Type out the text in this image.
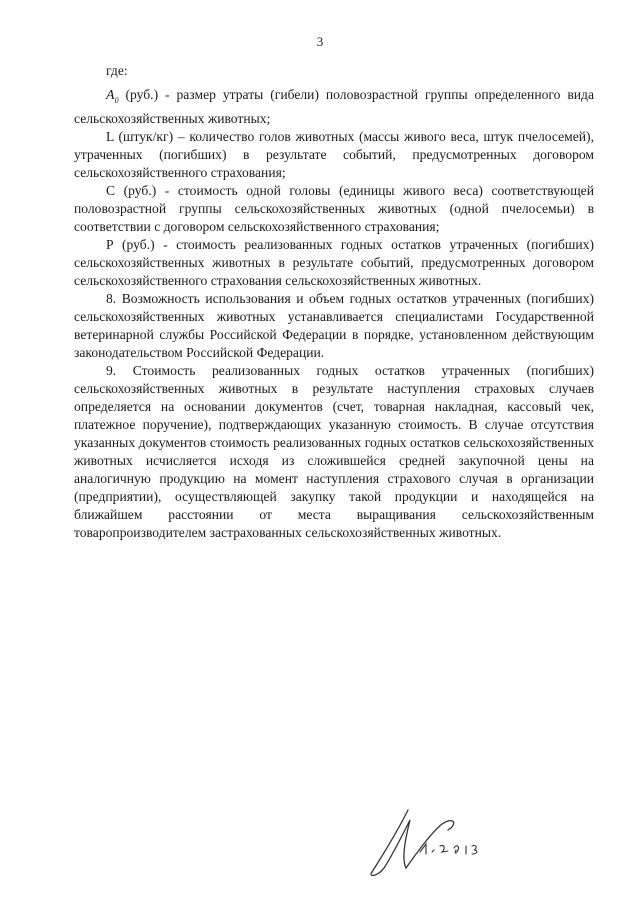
3

где:

$A_0$ (руб.) - размер утраты (гибели) половозрастной группы определенного вида сельскохозяйственных животных;

L (штук/кг) – количество голов животных (массы живого веса, штук пчелосемей), утраченных (погибших) в результате событий, предусмотренных договором сельскохозяйственного страхования;

С (руб.) - стоимость одной головы (единицы живого веса) соответствующей половозрастной группы сельскохозяйственных животных (одной пчелосемьи) в соответствии с договором сельскохозяйственного страхования;

Р (руб.) - стоимость реализованных годных остатков утраченных (погибших) сельскохозяйственных животных в результате событий, предусмотренных договором сельскохозяйственного страхования сельскохозяйственных животных.

8. Возможность использования и объем годных остатков утраченных (погибших) сельскохозяйственных животных устанавливается специалистами Государственной ветеринарной службы Российской Федерации в порядке, установленном действующим законодательством Российской Федерации.

9. Стоимость реализованных годных остатков утраченных (погибших) сельскохозяйственных животных в результате наступления страховых случаев определяется на основании документов (счет, товарная накладная, кассовый чек, платежное поручение), подтверждающих указанную стоимость. В случае отсутствия указанных документов стоимость реализованных годных остатков сельскохозяйственных животных исчисляется исходя из сложившейся средней закупочной цены на аналогичную продукцию на момент наступления страхового случая в организации (предприятии), осуществляющей закупку такой продукции и находящейся на ближайшем расстоянии от места выращивания сельскохозяйственным товаропроизводителем застрахованных сельскохозяйственных животных.
